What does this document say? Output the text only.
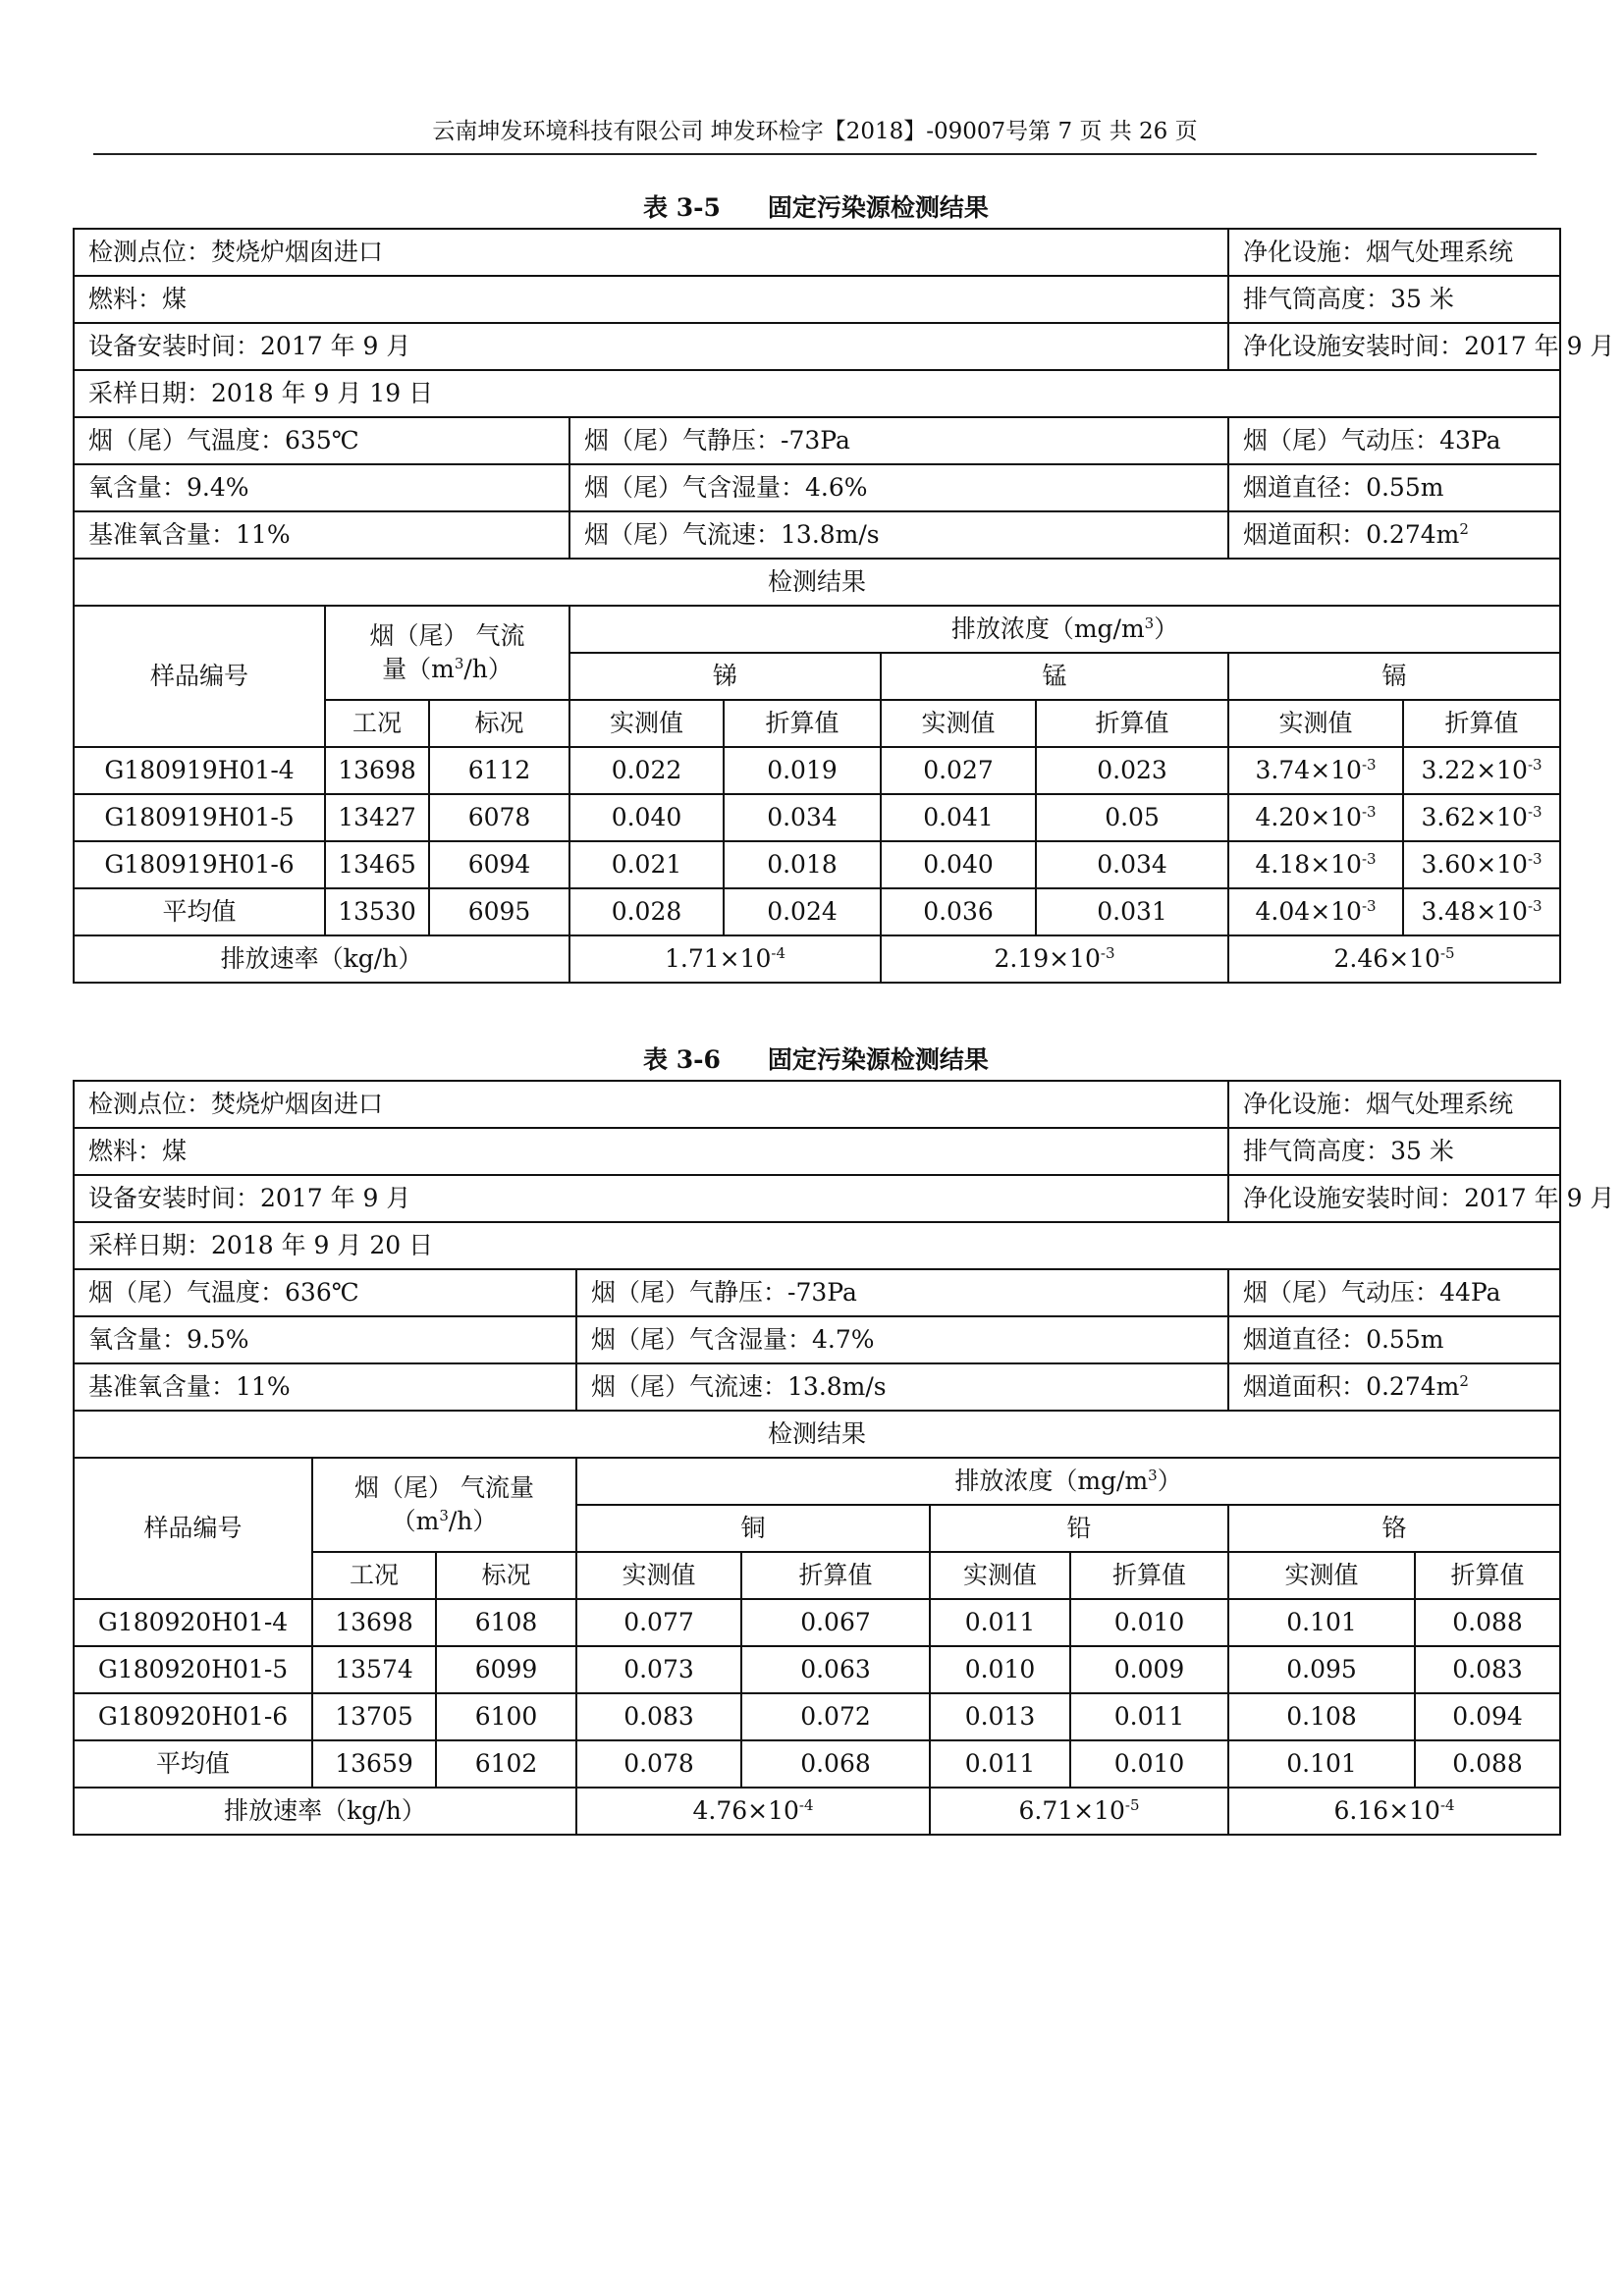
云南坤发环境科技有限公司 坤发环检字【2018】-09007号第 7 页 共 26 页
表 3-5 固定污染源检测结果
检测点位：焚烧炉烟囱进口							净化设施：烟气处理系统	
燃料：煤							排气筒高度：35 米	
设备安装时间：2017 年 9 月							净化设施安装时间：2017 年 9 月	
采样日期：2018 年 9 月 19 日								
烟（尾）气温度：635℃			烟（尾）气静压：-73Pa				烟（尾）气动压：43Pa	
氧含量：9.4%			烟（尾）气含湿量：4.6%				烟道直径：0.55m	
基准氧含量：11%			烟（尾）气流速：13.8m/s				烟道面积：$0.274m^2$
检测结果								
样品编号	烟（尾） 气流
量$(m^3/h)$		排放浓度$(mg/m^3)$					
			锑		锰		镉	
	工况	标况	实测值	折算值	实测值	折算值	实测值	折算值
G180919H01-4	13698	6112	0.022	0.019	0.027	0.023	$3.74\times 10^{-3}$	$3.22\times 10^{-3}$
G180919H01-5	13427	6078	0.040	0.034	0.041	0.05	$4.20\times 10^{-3}$	$3.62\times 10^{-3}$
G180919H01-6	13465	6094	0.021	0.018	0.040	0.034	$4.18\times 10^{-3}$	$3.60\times 10^{-3}$
平均值	13530	6095	0.028	0.024	0.036	0.031	$4.04\times 10^{-3}$	$3.48\times 10^{-3}$
排放速率（kg/h）			$1.71\times 10^{-4}$		$2.19\times 10^{-3}$		$2.46\times 10^{-5}$
表 3-6 固定污染源检测结果
检测点位：焚烧炉烟囱进口							净化设施：烟气处理系统	
燃料：煤							排气筒高度：35 米	
设备安装时间：2017 年 9 月							净化设施安装时间：2017 年 9 月	
采样日期：2018 年 9 月 20 日								
烟（尾）气温度：636℃			烟（尾）气静压：-73Pa				烟（尾）气动压：44Pa	
氧含量：9.5%			烟（尾）气含湿量：4.7%				烟道直径：0.55m	
基准氧含量：11%			烟（尾）气流速：13.8m/s				烟道面积：$0.274m^2$
检测结果								
样品编号	烟（尾） 气流量
$(m^3/h)$		排放浓度$(mg/m^3)$					
			铜		铅		铬	
	工况	标况	实测值	折算值	实测值	折算值	实测值	折算值
G180920H01-4	13698	6108	0.077	0.067	0.011	0.010	0.101	0.088
G180920H01-5	13574	6099	0.073	0.063	0.010	0.009	0.095	0.083
G180920H01-6	13705	6100	0.083	0.072	0.013	0.011	0.108	0.094
平均值	13659	6102	0.078	0.068	0.011	0.010	0.101	0.088
排放速率（kg/h）			$4.76\times 10^{-4}$		$6.71\times 10^{-5}$		$6.16\times 10^{-4}$
